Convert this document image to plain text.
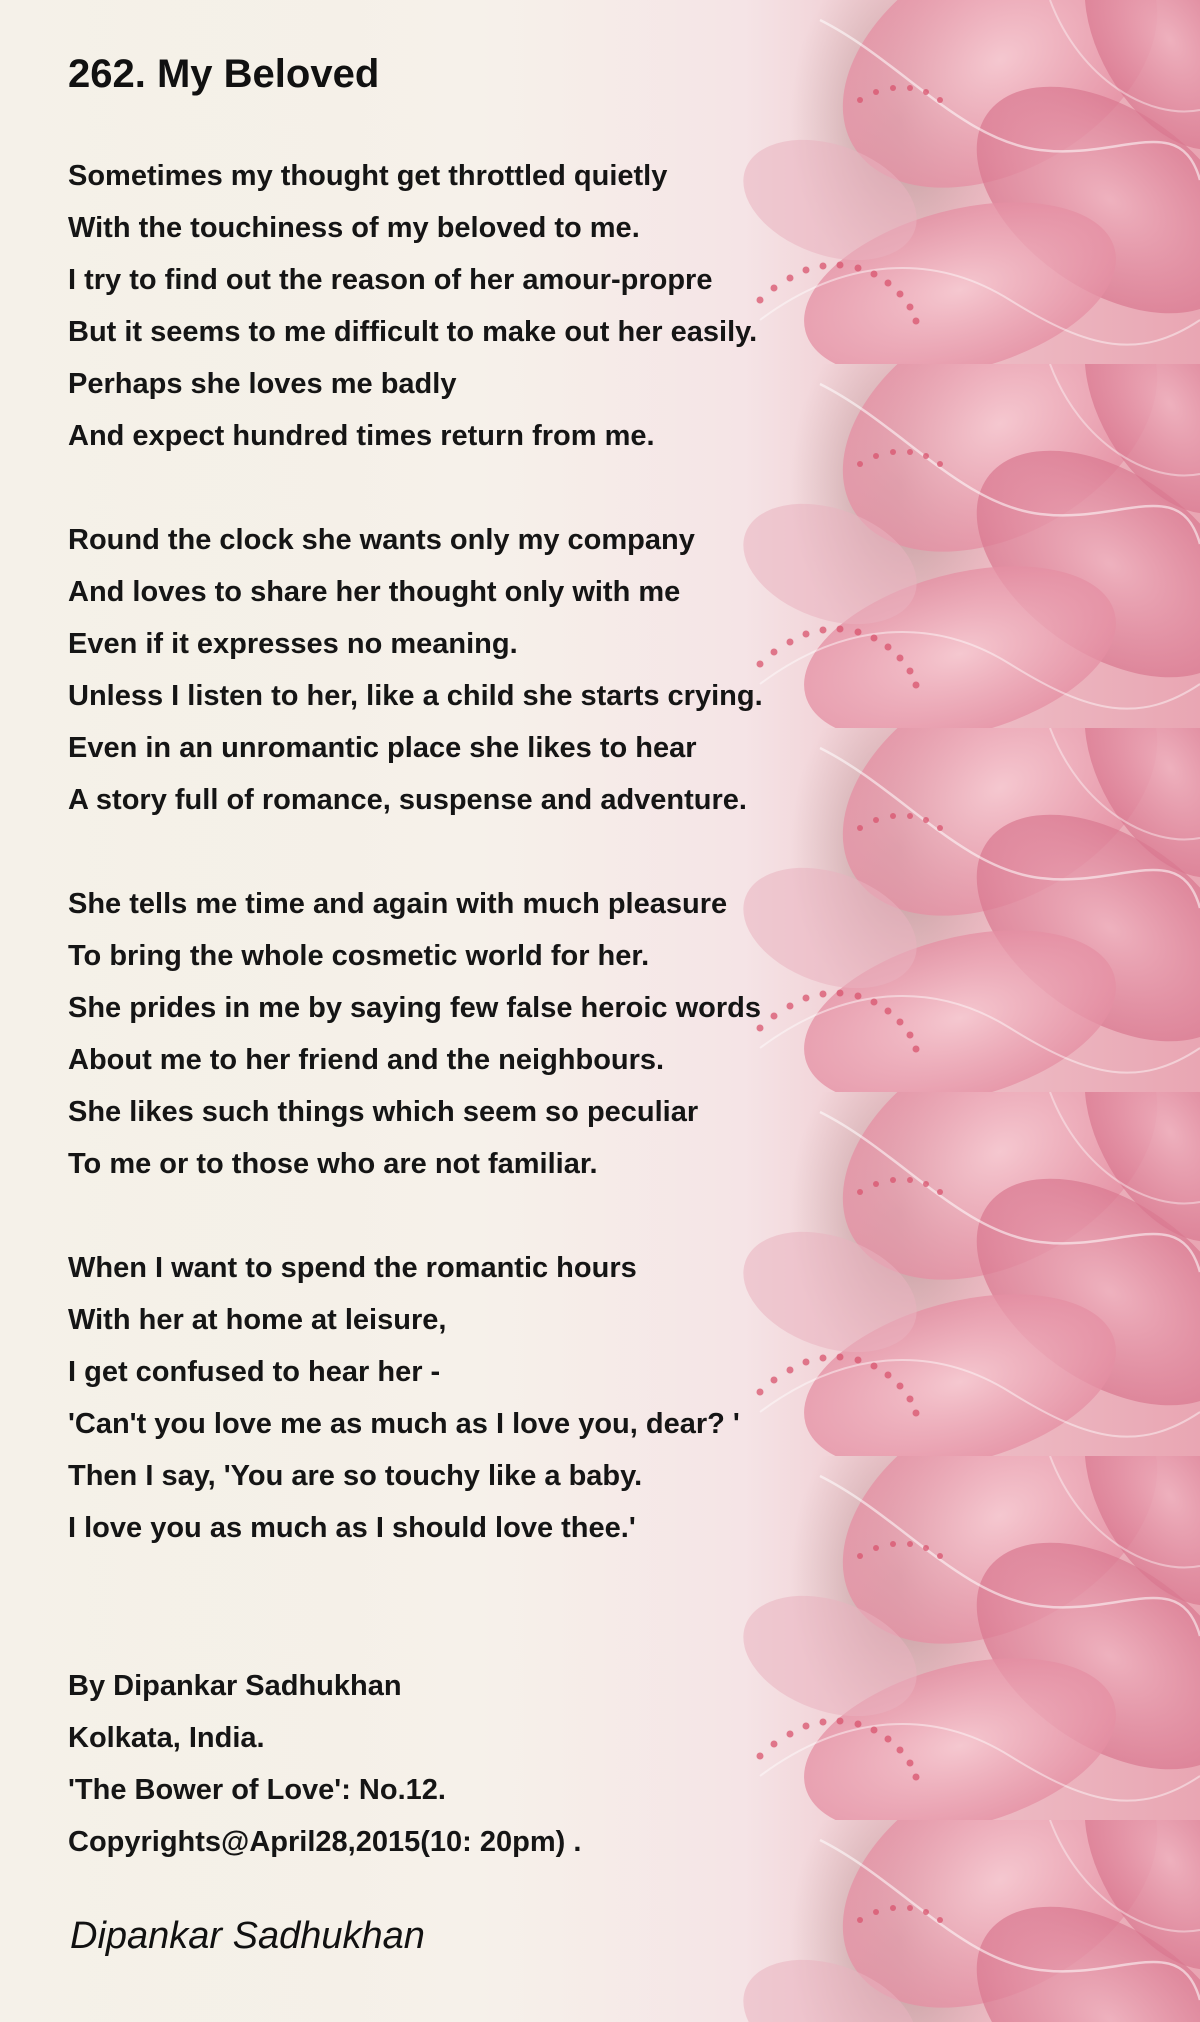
262. My Beloved
Sometimes my thought get throttled quietly
With the touchiness of my beloved to me.
I try to find out the reason of her amour-propre
But it seems to me difficult to make out her easily.
Perhaps she loves me badly
And expect hundred times return from me.
Round the clock she wants only my company
And loves to share her thought only with me
Even if it expresses no meaning.
Unless I listen to her, like a child she starts crying.
Even in an unromantic place she likes to hear
A story full of romance, suspense and adventure.
She tells me time and again with much pleasure
To bring the whole cosmetic world for her.
She prides in me by saying few false heroic words
About me to her friend and the neighbours.
She likes such things which seem so peculiar
To me or to those who are not familiar.
When I want to spend the romantic hours
With her at home at leisure,
I get confused to hear her -
'Can't you love me as much as I love you, dear? '
Then I say, 'You are so touchy like a baby.
I love you as much as I should love thee.'
By Dipankar Sadhukhan
Kolkata, India.
'The Bower of Love': No.12.
Copyrights@April28,2015(10: 20pm) .
Dipankar Sadhukhan
